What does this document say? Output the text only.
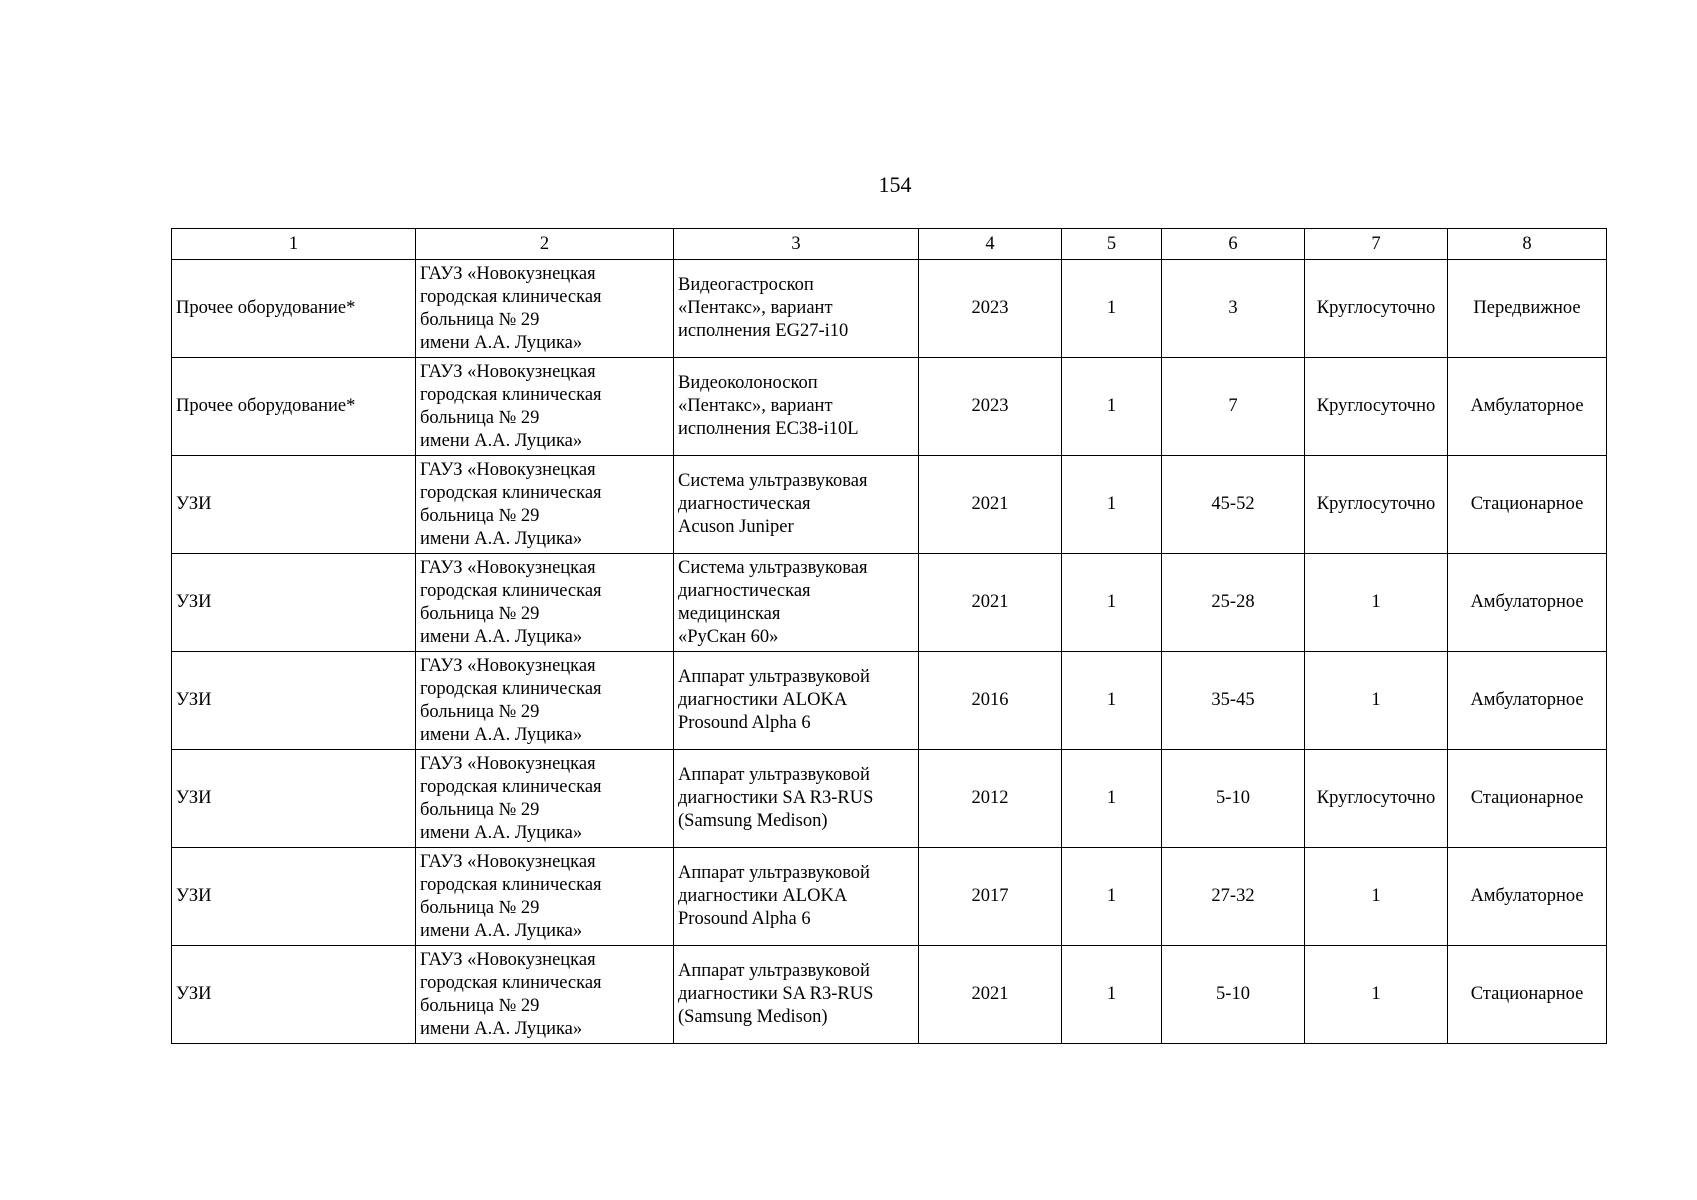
154
1	2	3	4	5	6	7	8
Прочее оборудование*	ГАУЗ «Новокузнецкая
городская клиническая
больница № 29
имени А.А. Луцика»	Видеогастроскоп
«Пентакс», вариант
исполнения EG27-i10	2023	1	3	Круглосуточно	Передвижное
Прочее оборудование*	ГАУЗ «Новокузнецкая
городская клиническая
больница № 29
имени А.А. Луцика»	Видеоколоноскоп
«Пентакс», вариант
исполнения EC38-i10L	2023	1	7	Круглосуточно	Амбулаторное
УЗИ	ГАУЗ «Новокузнецкая
городская клиническая
больница № 29
имени А.А. Луцика»	Система ультразвуковая
диагностическая
Acuson Juniper	2021	1	45-52	Круглосуточно	Стационарное
УЗИ	ГАУЗ «Новокузнецкая
городская клиническая
больница № 29
имени А.А. Луцика»	Система ультразвуковая
диагностическая
медицинская
«РуСкан 60»	2021	1	25-28	1	Амбулаторное
УЗИ	ГАУЗ «Новокузнецкая
городская клиническая
больница № 29
имени А.А. Луцика»	Аппарат ультразвуковой
диагностики ALOKA
Prosound Alpha 6	2016	1	35-45	1	Амбулаторное
УЗИ	ГАУЗ «Новокузнецкая
городская клиническая
больница № 29
имени А.А. Луцика»	Аппарат ультразвуковой
диагностики SA R3-RUS
(Samsung Medison)	2012	1	5-10	Круглосуточно	Стационарное
УЗИ	ГАУЗ «Новокузнецкая
городская клиническая
больница № 29
имени А.А. Луцика»	Аппарат ультразвуковой
диагностики ALOKA
Prosound Alpha 6	2017	1	27-32	1	Амбулаторное
УЗИ	ГАУЗ «Новокузнецкая
городская клиническая
больница № 29
имени А.А. Луцика»	Аппарат ультразвуковой
диагностики SA R3-RUS
(Samsung Medison)	2021	1	5-10	1	Стационарное
